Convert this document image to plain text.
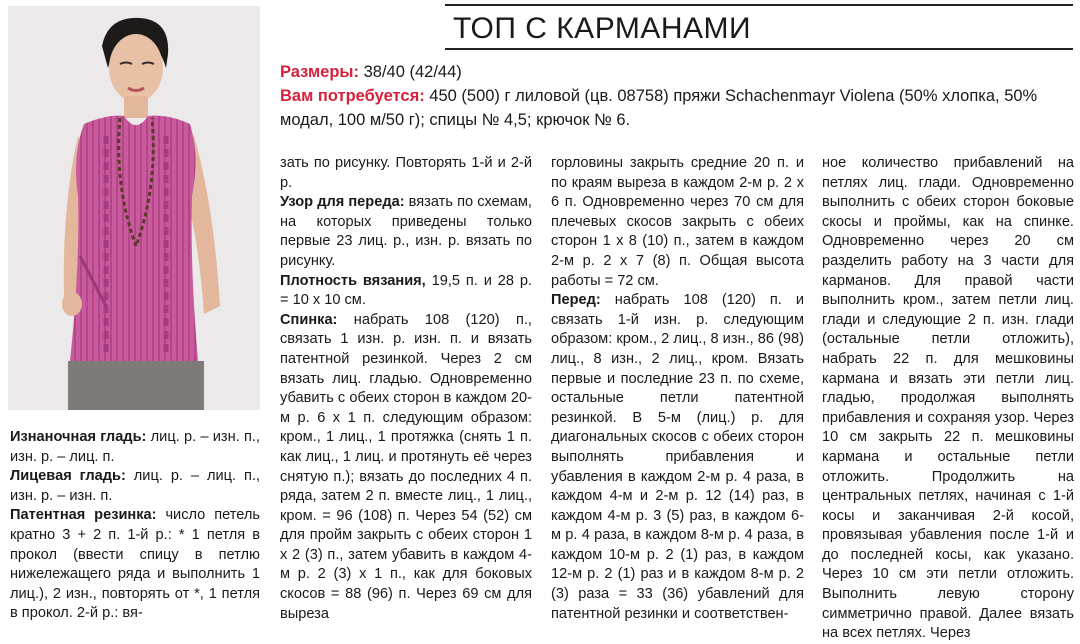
ТОП С КАРМАНАМИ
Размеры: 38/40 (42/44)
Вам потребуется: 450 (500) г лиловой (цв. 08758) пряжи Schachenmayr Violena (50% хлопка, 50% модал, 100 м/50 г); спицы № 4,5; крючок № 6.

Изнаночная гладь: лиц. р. – изн. п., изн. р. – лиц. п.

Лицевая гладь: лиц. р. – лиц. п., изн. р. – изн. п.

Патентная резинка: число петель кратно 3 + 2 п. 1-й р.: * 1 петля в прокол (ввести спицу в петлю нижележащего ряда и выполнить 1 лиц.), 2 изн., повторять от *, 1 петля в прокол. 2-й р.: вя-

зать по рисунку. Повторять 1-й и 2-й р.

Узор для переда: вязать по схемам, на которых приведены только первые 23 лиц. р., изн. р. вязать по рисунку.

Плотность вязания, 19,5 п. и 28 р. = 10 х 10 см.

Спинка: набрать 108 (120) п., связать 1 изн. р. изн. п. и вязать патентной резинкой. Через 2 см вязать лиц. гладью. Одновременно убавить с обеих сторон в каждом 20-м р. 6 х 1 п. следующим образом: кром., 1 лиц., 1 протяжка (снять 1 п. как лиц., 1 лиц. и протянуть её через снятую п.); вязать до последних 4 п. ряда, затем 2 п. вместе лиц., 1 лиц., кром. = 96 (108) п. Через 54 (52) см для пройм закрыть с обеих сторон 1 х 2 (3) п., затем убавить в каждом 4-м р. 2 (3) х 1 п., как для боковых скосов = 88 (96) п. Через 69 см для выреза

горловины закрыть средние 20 п. и по краям выреза в каждом 2-м р. 2 х 6 п. Одновременно через 70 см для плечевых скосов закрыть с обеих сторон 1 х 8 (10) п., затем в каждом 2-м р. 2 х 7 (8) п. Общая высота работы = 72 см.

Перед: набрать 108 (120) п. и связать 1-й изн. р. следующим образом: кром., 2 лиц., 8 изн., 86 (98) лиц., 8 изн., 2 лиц., кром. Вязать первые и последние 23 п. по схеме, остальные петли патентной резинкой. В 5-м (лиц.) р. для диагональных скосов с обеих сторон выполнять прибавления и убавления в каждом 2-м р. 4 раза, в каждом 4-м и 2-м р. 12 (14) раз, в каждом 4-м р. 3 (5) раз, в каждом 6-м р. 4 раза, в каждом 8-м р. 4 раза, в каждом 10-м р. 2 (1) раз, в каждом 12-м р. 2 (1) раз и в каждом 8-м р. 2 (3) раза = 33 (36) убавлений для патентной резинки и соответствен-

ное количество прибавлений на петлях лиц. глади. Одновременно выполнить с обеих сторон боковые скосы и проймы, как на спинке. Одновременно через 20 см разделить работу на 3 части для карманов. Для правой части выполнить кром., затем петли лиц. глади и следующие 2 п. изн. глади (остальные петли отложить), набрать 22 п. для мешковины кармана и вязать эти петли лиц. гладью, продолжая выполнять прибавления и сохраняя узор. Через 10 см закрыть 22 п. мешковины кармана и остальные петли отложить. Продолжить на центральных петлях, начиная с 1-й косы и заканчивая 2-й косой, провязывая убавления после 1-й и до последней косы, как указано. Через 10 см эти петли отложить. Выполнить левую сторону симметрично правой. Далее вязать на всех петлях. Через
